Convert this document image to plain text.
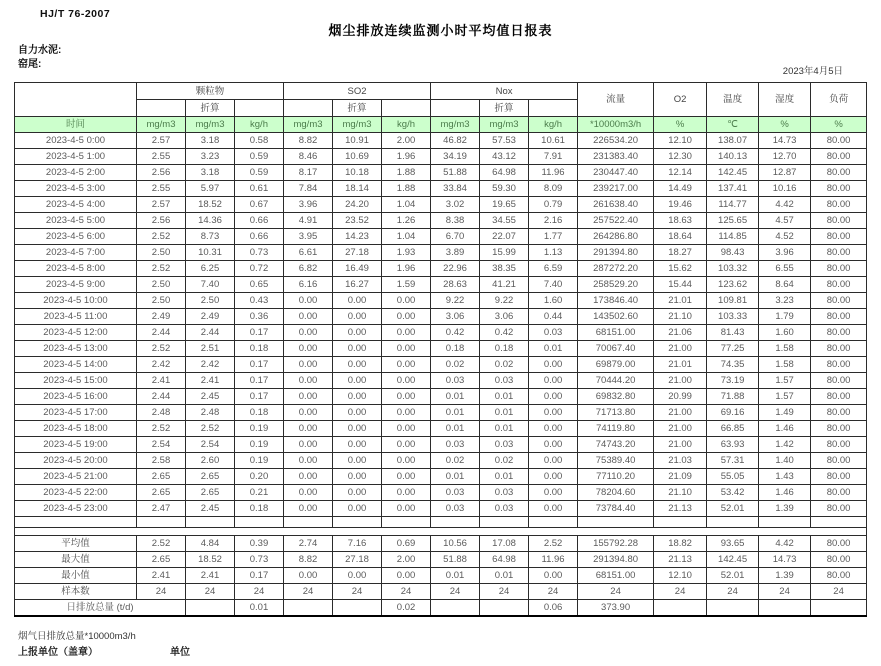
HJ/T 76-2007
烟尘排放连续监测小时平均值日报表
自力水泥:
窑尾:
2023年4月5日
	颗粒物			SO2			Nox			流量	O2	温度	湿度	负荷
		折算			折算			折算						
时间	mg/m3	mg/m3	kg/h	mg/m3	mg/m3	kg/h	mg/m3	mg/m3	kg/h	*10000m3/h	%	℃	%	%
2023-4-5 0:00	2.57	3.18	0.58	8.82	10.91	2.00	46.82	57.53	10.61	226534.20	12.10	138.07	14.73	80.00
2023-4-5 1:00	2.55	3.23	0.59	8.46	10.69	1.96	34.19	43.12	7.91	231383.40	12.30	140.13	12.70	80.00
2023-4-5 2:00	2.56	3.18	0.59	8.17	10.18	1.88	51.88	64.98	11.96	230447.40	12.14	142.45	12.87	80.00
2023-4-5 3:00	2.55	5.97	0.61	7.84	18.14	1.88	33.84	59.30	8.09	239217.00	14.49	137.41	10.16	80.00
2023-4-5 4:00	2.57	18.52	0.67	3.96	24.20	1.04	3.02	19.65	0.79	261638.40	19.46	114.77	4.42	80.00
2023-4-5 5:00	2.56	14.36	0.66	4.91	23.52	1.26	8.38	34.55	2.16	257522.40	18.63	125.65	4.57	80.00
2023-4-5 6:00	2.52	8.73	0.66	3.95	14.23	1.04	6.70	22.07	1.77	264286.80	18.64	114.85	4.52	80.00
2023-4-5 7:00	2.50	10.31	0.73	6.61	27.18	1.93	3.89	15.99	1.13	291394.80	18.27	98.43	3.96	80.00
2023-4-5 8:00	2.52	6.25	0.72	6.82	16.49	1.96	22.96	38.35	6.59	287272.20	15.62	103.32	6.55	80.00
2023-4-5 9:00	2.50	7.40	0.65	6.16	16.27	1.59	28.63	41.21	7.40	258529.20	15.44	123.62	8.64	80.00
2023-4-5 10:00	2.50	2.50	0.43	0.00	0.00	0.00	9.22	9.22	1.60	173846.40	21.01	109.81	3.23	80.00
2023-4-5 11:00	2.49	2.49	0.36	0.00	0.00	0.00	3.06	3.06	0.44	143502.60	21.10	103.33	1.79	80.00
2023-4-5 12:00	2.44	2.44	0.17	0.00	0.00	0.00	0.42	0.42	0.03	68151.00	21.06	81.43	1.60	80.00
2023-4-5 13:00	2.52	2.51	0.18	0.00	0.00	0.00	0.18	0.18	0.01	70067.40	21.00	77.25	1.58	80.00
2023-4-5 14:00	2.42	2.42	0.17	0.00	0.00	0.00	0.02	0.02	0.00	69879.00	21.01	74.35	1.58	80.00
2023-4-5 15:00	2.41	2.41	0.17	0.00	0.00	0.00	0.03	0.03	0.00	70444.20	21.00	73.19	1.57	80.00
2023-4-5 16:00	2.44	2.45	0.17	0.00	0.00	0.00	0.01	0.01	0.00	69832.80	20.99	71.88	1.57	80.00
2023-4-5 17:00	2.48	2.48	0.18	0.00	0.00	0.00	0.01	0.01	0.00	71713.80	21.00	69.16	1.49	80.00
2023-4-5 18:00	2.52	2.52	0.19	0.00	0.00	0.00	0.01	0.01	0.00	74119.80	21.00	66.85	1.46	80.00
2023-4-5 19:00	2.54	2.54	0.19	0.00	0.00	0.00	0.03	0.03	0.00	74743.20	21.00	63.93	1.42	80.00
2023-4-5 20:00	2.58	2.60	0.19	0.00	0.00	0.00	0.02	0.02	0.00	75389.40	21.03	57.31	1.40	80.00
2023-4-5 21:00	2.65	2.65	0.20	0.00	0.00	0.00	0.01	0.01	0.00	77110.20	21.09	55.05	1.43	80.00
2023-4-5 22:00	2.65	2.65	0.21	0.00	0.00	0.00	0.03	0.03	0.00	78204.60	21.10	53.42	1.46	80.00
2023-4-5 23:00	2.47	2.45	0.18	0.00	0.00	0.00	0.03	0.03	0.00	73784.40	21.13	52.01	1.39	80.00

平均值	2.52	4.84	0.39	2.74	7.16	0.69	10.56	17.08	2.52	155792.28	18.82	93.65	4.42	80.00
最大值	2.65	18.52	0.73	8.82	27.18	2.00	51.88	64.98	11.96	291394.80	21.13	142.45	14.73	80.00
最小值	2.41	2.41	0.17	0.00	0.00	0.00	0.01	0.01	0.00	68151.00	12.10	52.01	1.39	80.00
样本数	24	24	24	24	24	24	24	24	24	24	24	24	24	24
日排放总量 (t/d)			0.01			0.02			0.06	373.90				
烟气日排放总量*10000m3/h
上报单位（盖章）	单位
